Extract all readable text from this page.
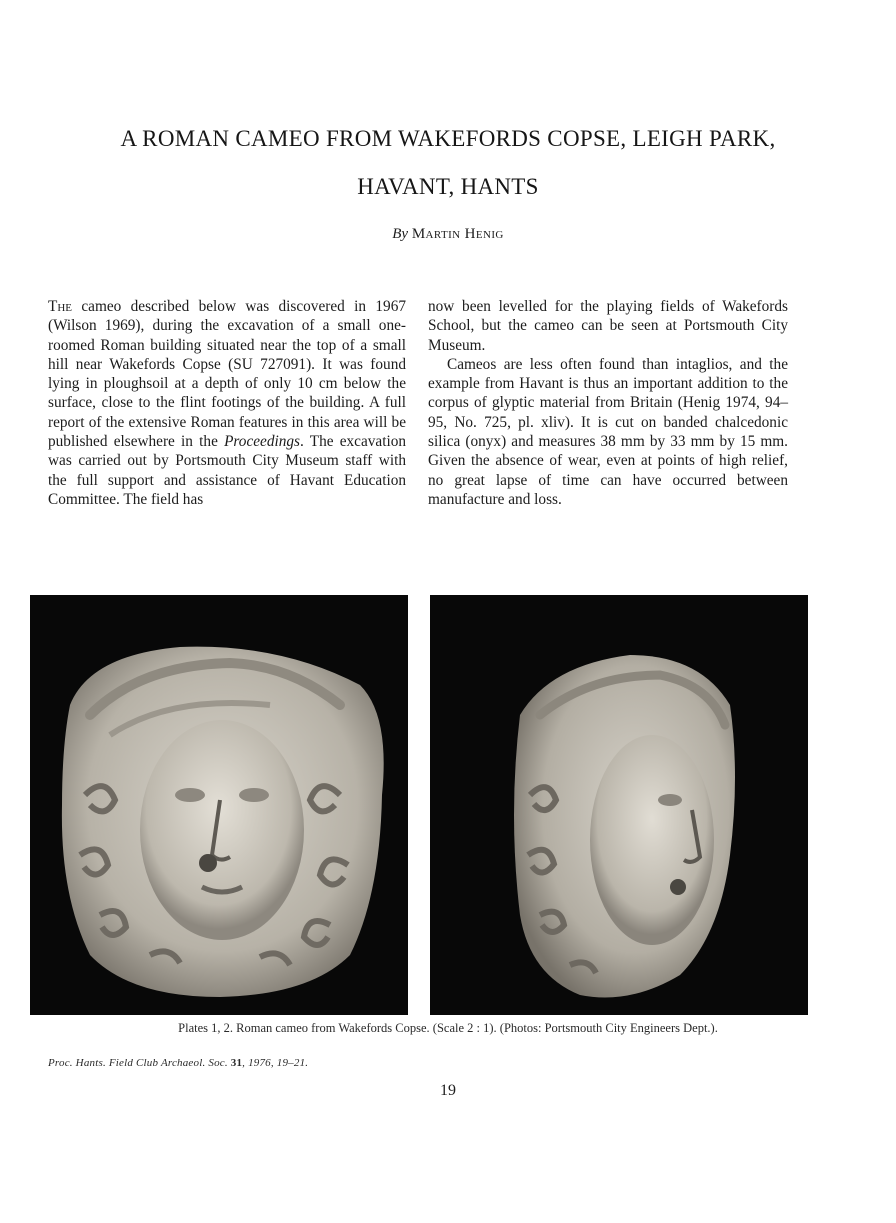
A ROMAN CAMEO FROM WAKEFORDS COPSE, LEIGH PARK,
HAVANT, HANTS
By Martin Henig

The cameo described below was discovered in 1967 (Wilson 1969), during the excavation of a small one-roomed Roman building situated near the top of a small hill near Wakefords Copse (SU 727091). It was found lying in ploughsoil at a depth of only 10 cm below the surface, close to the flint footings of the building. A full report of the extensive Roman features in this area will be published elsewhere in the Proceedings. The excavation was carried out by Portsmouth City Museum staff with the full support and assistance of Havant Education Committee. The field has

now been levelled for the playing fields of Wakefords School, but the cameo can be seen at Portsmouth City Museum.

Cameos are less often found than intaglios, and the example from Havant is thus an important addition to the corpus of glyptic material from Britain (Henig 1974, 94–95, No. 725, pl. xliv). It is cut on banded chalcedonic silica (onyx) and measures 38 mm by 33 mm by 15 mm. Given the absence of wear, even at points of high relief, no great lapse of time can have occurred between manufacture and loss.

Plates 1, 2. Roman cameo from Wakefords Copse. (Scale 2 : 1). (Photos: Portsmouth City Engineers Dept.).
Proc. Hants. Field Club Archaeol. Soc. 31, 1976, 19–21.
19
